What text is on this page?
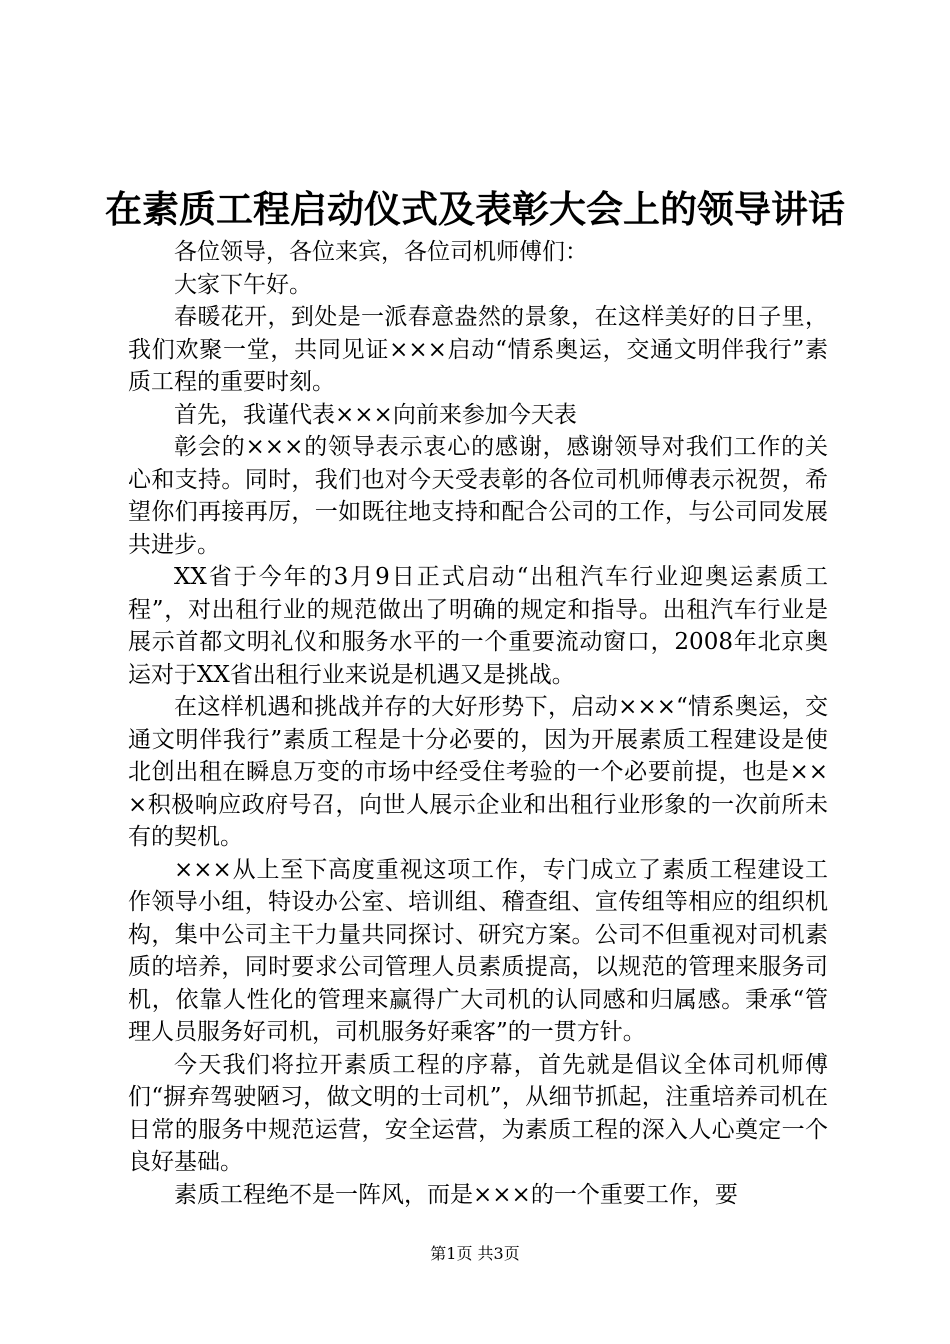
在素质工程启动仪式及表彰大会上的领导讲话

各位领导，各位来宾，各位司机师傅们：

大家下午好。

春暖花开，到处是一派春意盎然的景象，在这样美好的日子里，我们欢聚一堂，共同见证×××启动“情系奥运，交通文明伴我行”素质工程的重要时刻。

首先，我谨代表×××向前来参加今天表

彰会的×××的领导表示衷心的感谢，感谢领导对我们工作的关心和支持。同时，我们也对今天受表彰的各位司机师傅表示祝贺，希望你们再接再厉，一如既往地支持和配合公司的工作，与公司同发展共进步。

XX省于今年的3月9日正式启动“出租汽车行业迎奥运素质工程”，对出租行业的规范做出了明确的规定和指导。出租汽车行业是展示首都文明礼仪和服务水平的一个重要流动窗口，2008年北京奥运对于XX省出租行业来说是机遇又是挑战。

在这样机遇和挑战并存的大好形势下，启动×××“情系奥运，交通文明伴我行”素质工程是十分必要的，因为开展素质工程建设是使北创出租在瞬息万变的市场中经受住考验的一个必要前提，也是×××积极响应政府号召，向世人展示企业和出租行业形象的一次前所未有的契机。

×××从上至下高度重视这项工作，专门成立了素质工程建设工作领导小组，特设办公室、培训组、稽查组、宣传组等相应的组织机构，集中公司主干力量共同探讨、研究方案。公司不但重视对司机素质的培养，同时要求公司管理人员素质提高，以规范的管理来服务司机，依靠人性化的管理来赢得广大司机的认同感和归属感。秉承“管理人员服务好司机，司机服务好乘客”的一贯方针。

今天我们将拉开素质工程的序幕，首先就是倡议全体司机师傅们“摒弃驾驶陋习，做文明的士司机”，从细节抓起，注重培养司机在日常的服务中规范运营，安全运营，为素质工程的深入人心奠定一个良好基础。

素质工程绝不是一阵风，而是×××的一个重要工作，要

第1页 共3页
